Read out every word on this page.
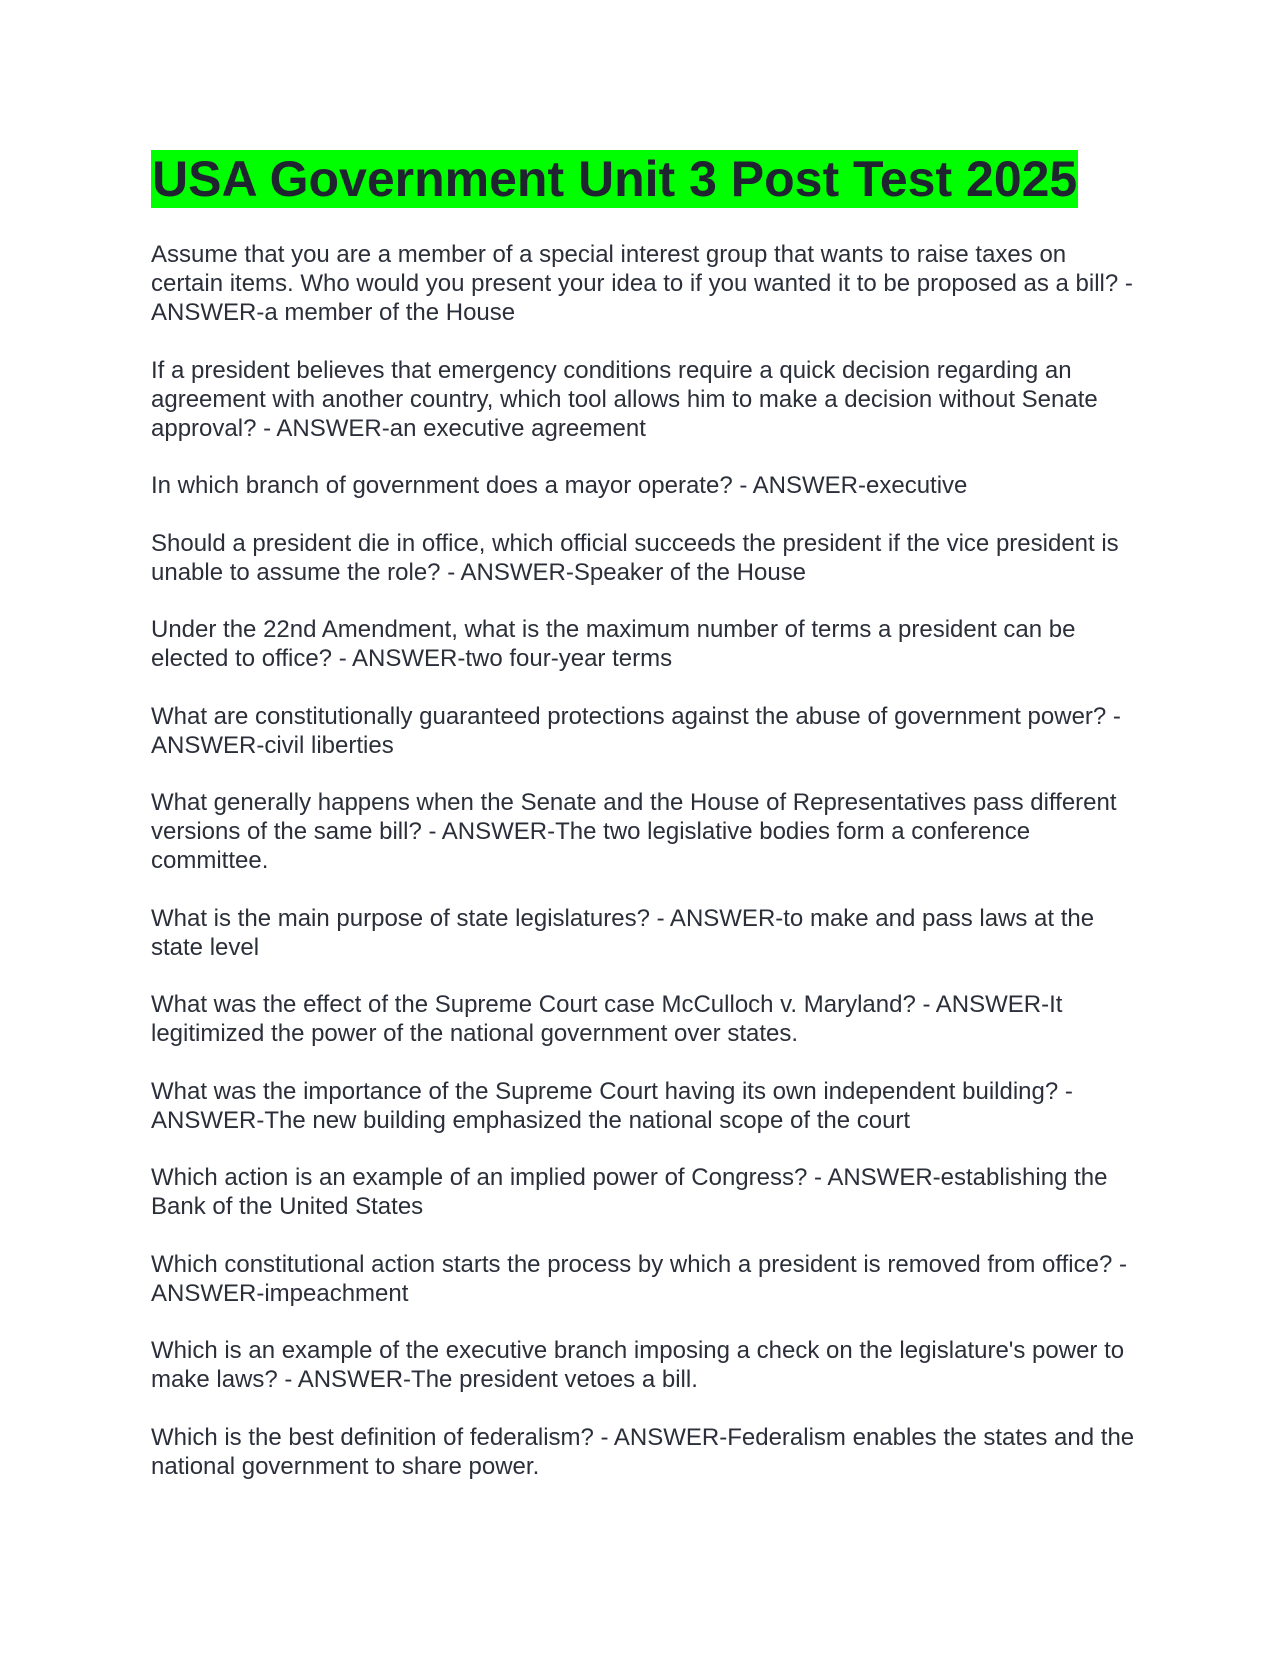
USA Government Unit 3 Post Test 2025

Assume that you are a member of a special interest group that wants to raise taxes on certain items. Who would you present your idea to if you wanted it to be proposed as a bill? - ANSWER-a member of the House

If a president believes that emergency conditions require a quick decision regarding an agreement with another country, which tool allows him to make a decision without Senate approval? - ANSWER-an executive agreement

In which branch of government does a mayor operate? - ANSWER-executive

Should a president die in office, which official succeeds the president if the vice president is unable to assume the role? - ANSWER-Speaker of the House

Under the 22nd Amendment, what is the maximum number of terms a president can be elected to office? - ANSWER-two four-year terms

What are constitutionally guaranteed protections against the abuse of government power? - ANSWER-civil liberties

What generally happens when the Senate and the House of Representatives pass different versions of the same bill? - ANSWER-The two legislative bodies form a conference committee.

What is the main purpose of state legislatures? - ANSWER-to make and pass laws at the state level

What was the effect of the Supreme Court case McCulloch v. Maryland? - ANSWER-It legitimized the power of the national government over states.

What was the importance of the Supreme Court having its own independent building? - ANSWER-The new building emphasized the national scope of the court

Which action is an example of an implied power of Congress? - ANSWER-establishing the Bank of the United States

Which constitutional action starts the process by which a president is removed from office? - ANSWER-impeachment

Which is an example of the executive branch imposing a check on the legislature's power to make laws? - ANSWER-The president vetoes a bill.

Which is the best definition of federalism? - ANSWER-Federalism enables the states and the national government to share power.
